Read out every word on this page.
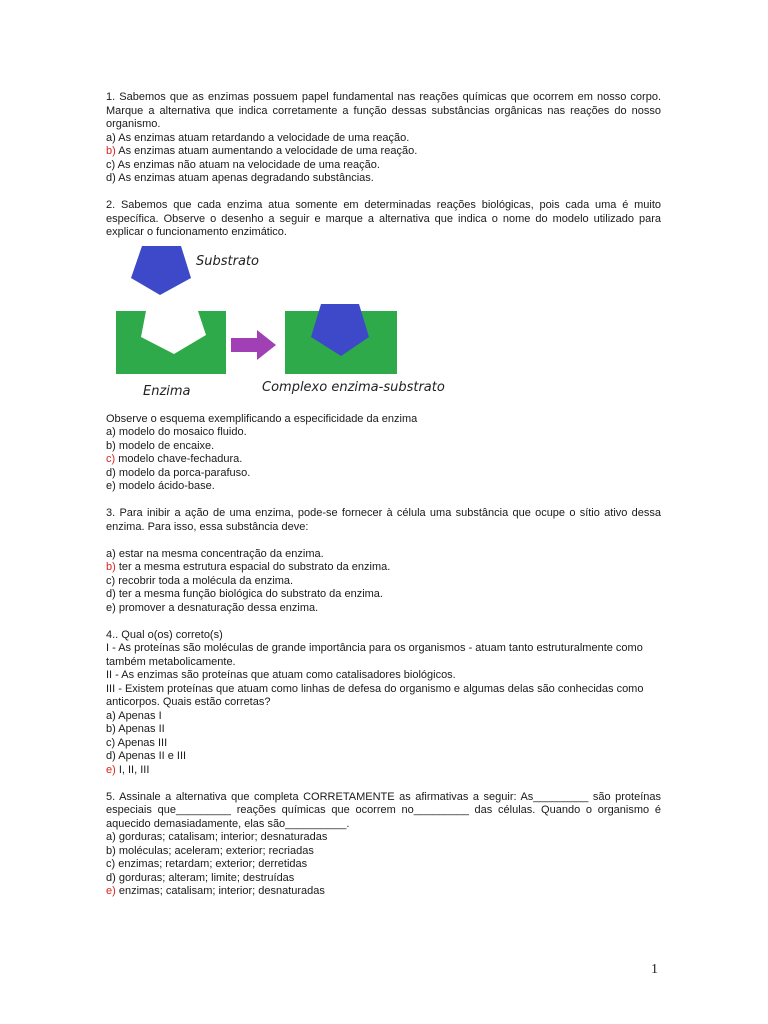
1. Sabemos que as enzimas possuem papel fundamental nas reações químicas que ocorrem em nosso corpo. Marque a alternativa que indica corretamente a função dessas substâncias orgânicas nas reações do nosso organismo.
a) As enzimas atuam retardando a velocidade de uma reação.
b) As enzimas atuam aumentando a velocidade de uma reação.
c) As enzimas não atuam na velocidade de uma reação.
d) As enzimas atuam apenas degradando substâncias.
2. Sabemos que cada enzima atua somente em determinadas reações biológicas, pois cada uma é muito específica. Observe o desenho a seguir e marque a alternativa que indica o nome do modelo utilizado para explicar o funcionamento enzimático.
Substrato
Enzima	Complexo enzima-substrato
Observe o esquema exemplificando a especificidade da enzima
a) modelo do mosaico fluido.
b) modelo de encaixe.
c) modelo chave-fechadura.
d) modelo da porca-parafuso.
e) modelo ácido-base.
3. Para inibir a ação de uma enzima, pode-se fornecer à célula uma substância que ocupe o sítio ativo dessa enzima. Para isso, essa substância deve:
a) estar na mesma concentração da enzima.
b) ter a mesma estrutura espacial do substrato da enzima.
c) recobrir toda a molécula da enzima.
d) ter a mesma função biológica do substrato da enzima.
e) promover a desnaturação dessa enzima.
4.. Qual o(os) correto(s)
I - As proteínas são moléculas de grande importância para os organismos - atuam tanto estruturalmente como também metabolicamente.
II - As enzimas são proteínas que atuam como catalisadores biológicos.
III - Existem proteínas que atuam como linhas de defesa do organismo e algumas delas são conhecidas como anticorpos. Quais estão corretas?
a) Apenas I
b) Apenas II
c) Apenas III
d) Apenas II e III
e) I, II, III
5. Assinale a alternativa que completa CORRETAMENTE as afirmativas a seguir: As_________ são proteínas especiais que_________ reações químicas que ocorrem no_________ das células. Quando o organismo é aquecido demasiadamente, elas são__________.
a) gorduras; catalisam; interior; desnaturadas
b) moléculas; aceleram; exterior; recriadas
c) enzimas; retardam; exterior; derretidas
d) gorduras; alteram; limite; destruídas
e) enzimas; catalisam; interior; desnaturadas
1
